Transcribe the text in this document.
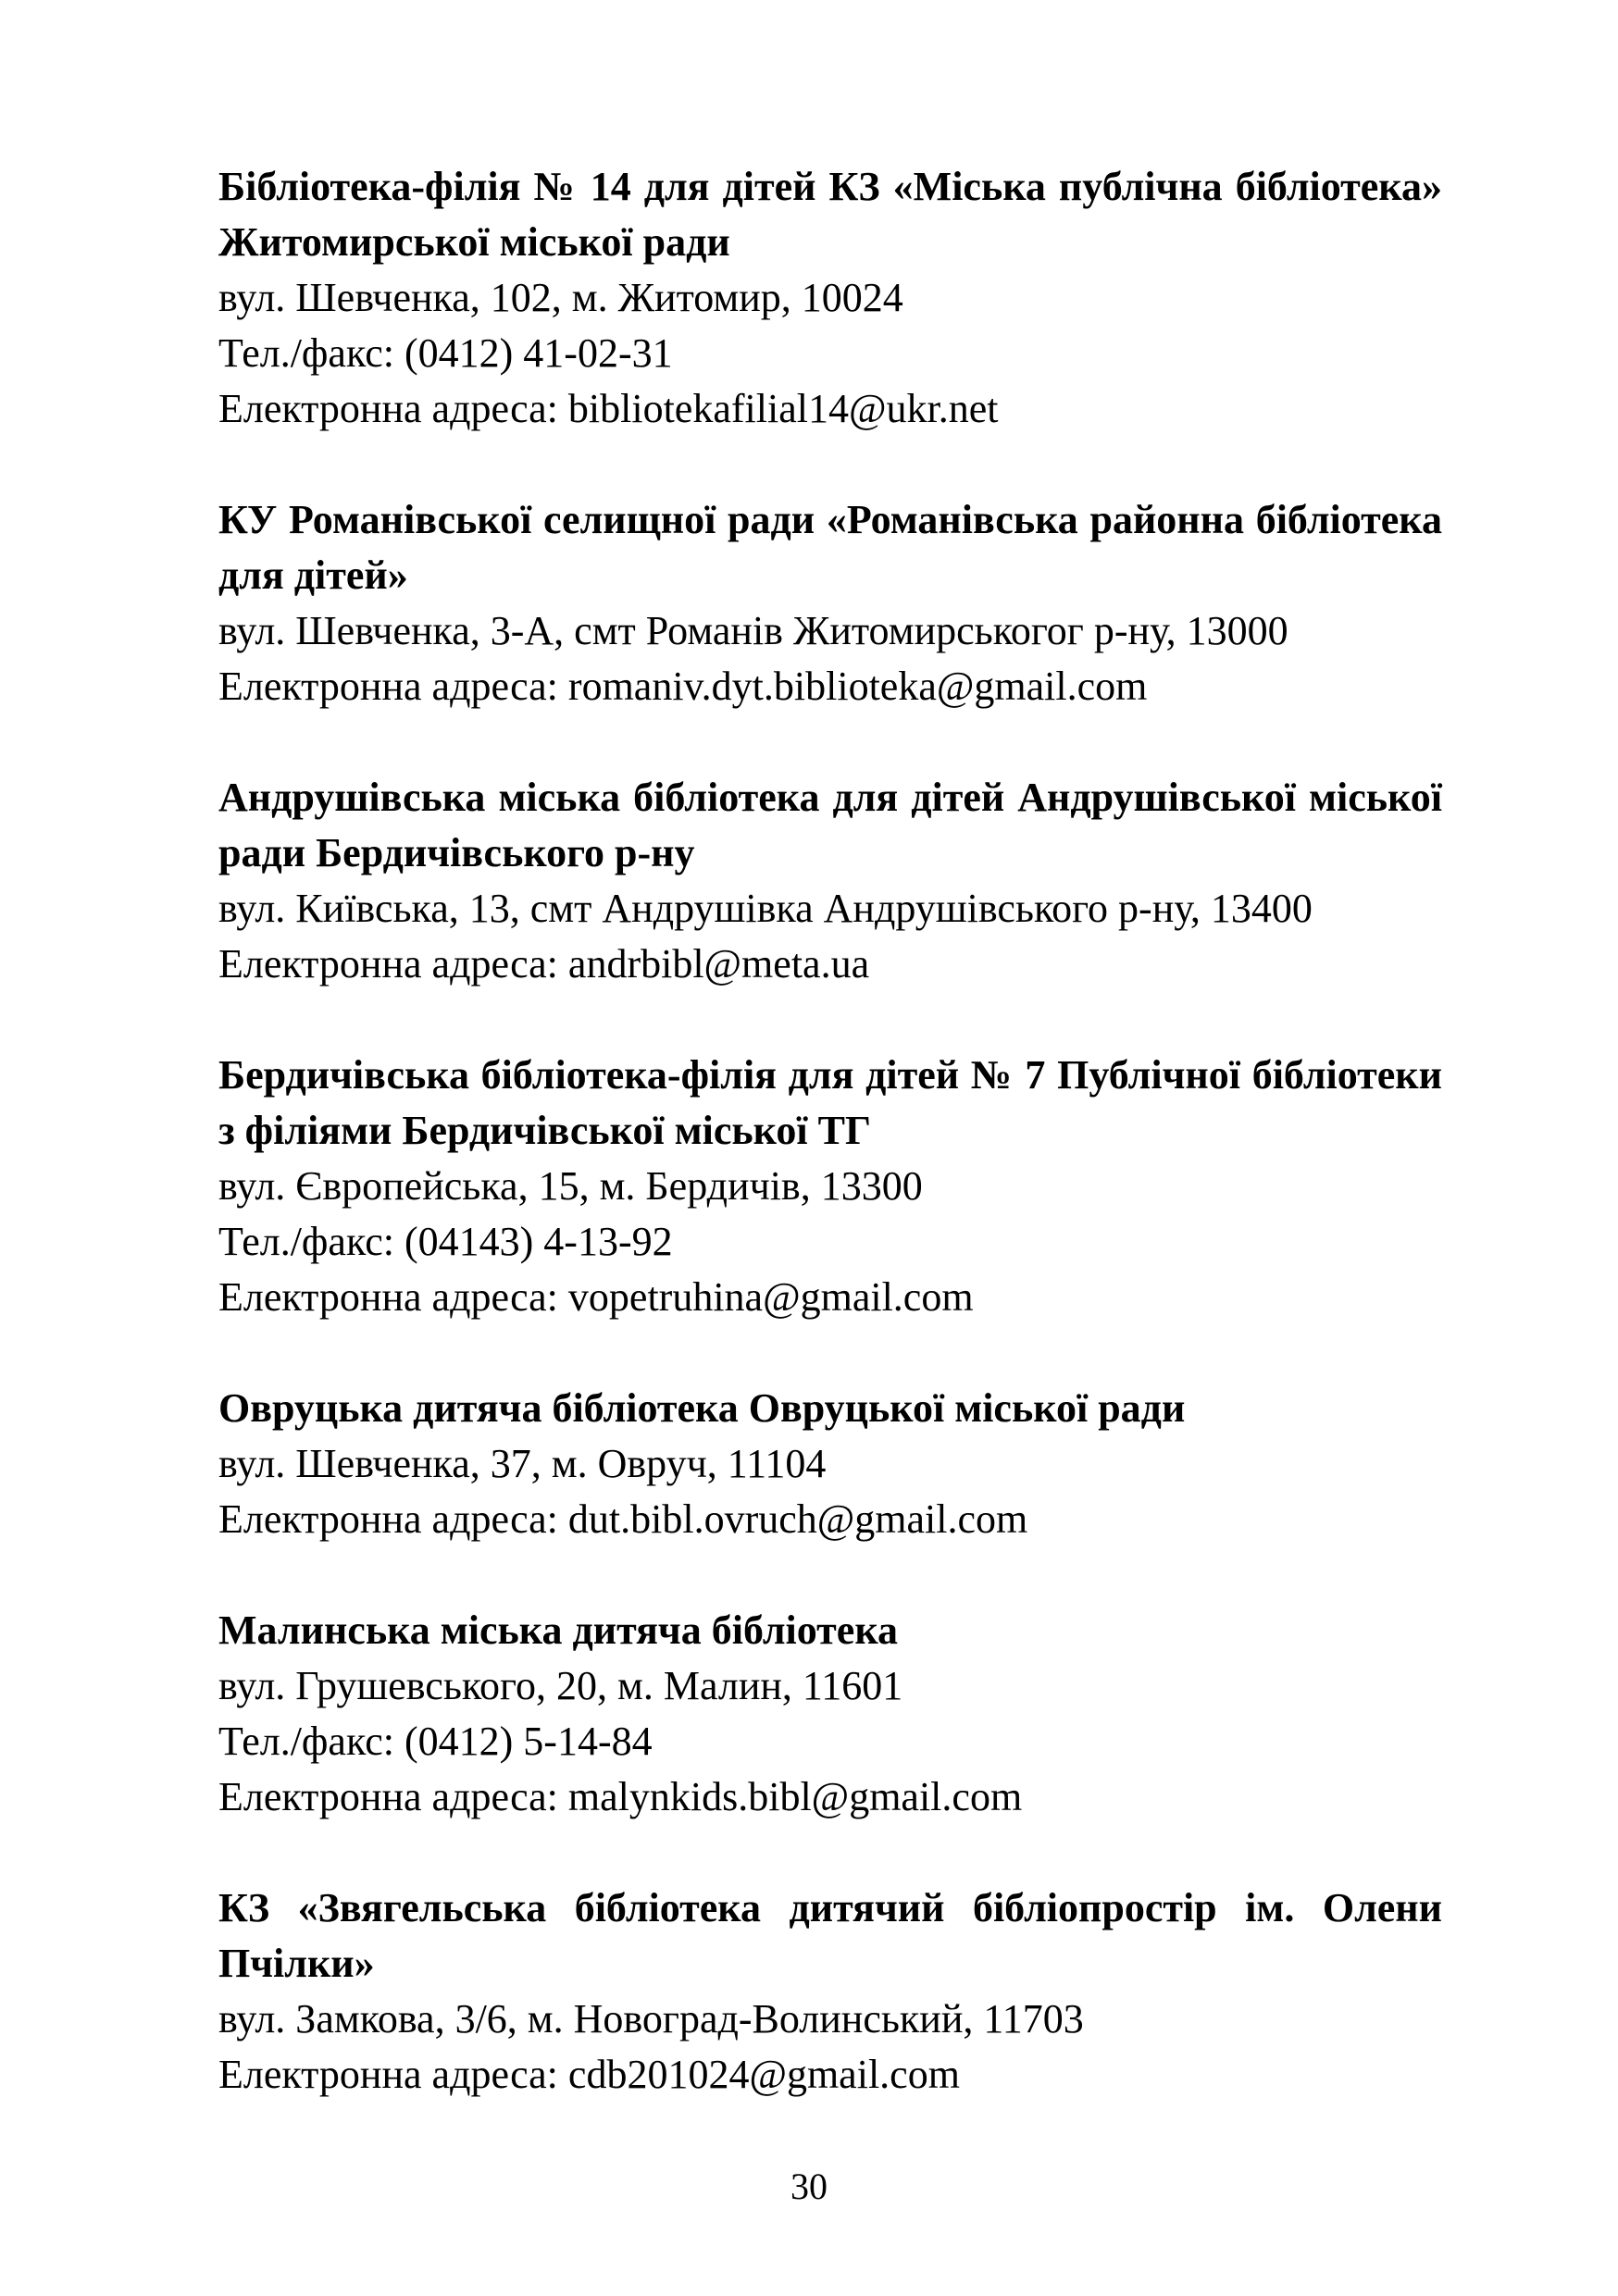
Бібліотека-філія № 14 для дітей КЗ «Міська публічна бібліотека» Житомирської міської ради

вул. Шевченка, 102, м. Житомир, 10024

Тел./факс: (0412) 41-02-31

Електронна адреса: bibliotekafilial14@ukr.net

КУ Романівської селищної ради «Романівська районна бібліотека для дітей»

вул. Шевченка, 3-А, смт Романів Житомирськогог р-ну, 13000

Електронна адреса: romaniv.dyt.biblioteka@gmail.com

Андрушівська міська бібліотека для дітей Андрушівської міської ради Бердичівського р-ну

вул. Київська, 13, смт Андрушівка Андрушівського р-ну, 13400

Електронна адреса: andrbibl@meta.ua

Бердичівська бібліотека-філія для дітей № 7 Публічної бібліотеки з філіями Бердичівської міської ТГ

вул. Європейська, 15, м. Бердичів, 13300

Тел./факс: (04143) 4-13-92

Електронна адреса: vopetruhina@gmail.com

Овруцька дитяча бібліотека Овруцької міської ради

вул. Шевченка, 37, м. Овруч, 11104

Електронна адреса: dut.bibl.ovruch@gmail.com

Малинська міська дитяча бібліотека

вул. Грушевського, 20, м. Малин, 11601

Тел./факс: (0412) 5-14-84

Електронна адреса: malynkids.bibl@gmail.com

КЗ «Звягельська бібліотека дитячий бібліопростір ім. Олени Пчілки»

вул. Замкова, 3/6, м. Новоград-Волинський, 11703

Електронна адреса: cdb201024@gmail.com

30
